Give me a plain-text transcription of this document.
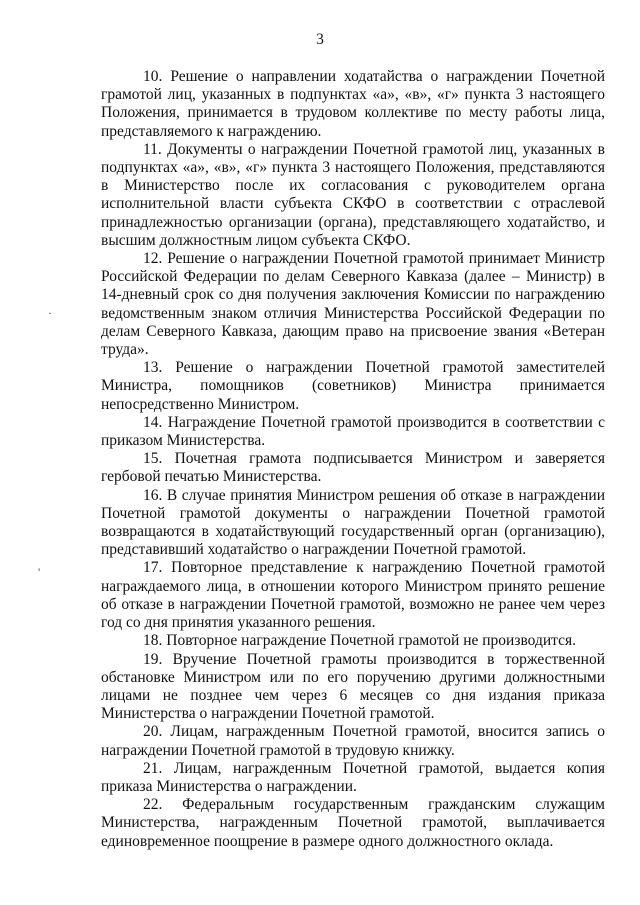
3

10. Решение о направлении ходатайства о награждении Почетной грамотой лиц, указанных в подпунктах «а», «в», «г» пункта 3 настоящего Положения, принимается в трудовом коллективе по месту работы лица, представляемого к награждению.

11. Документы о награждении Почетной грамотой лиц, указанных в подпунктах «а», «в», «г» пункта 3 настоящего Положения, представляются в Министерство после их согласования с руководителем органа исполнительной власти субъекта СКФО в соответствии с отраслевой принадлежностью организации (органа), представляющего ходатайство, и высшим должностным лицом субъекта СКФО.

12. Решение о награждении Почетной грамотой принимает Министр Российской Федерации по делам Северного Кавказа (далее – Министр) в 14-дневный срок со дня получения заключения Комиссии по награждению ведомственным знаком отличия Министерства Российской Федерации по делам Северного Кавказа, дающим право на присвоение звания «Ветеран труда».

13. Решение о награждении Почетной грамотой заместителей Министра, помощников (советников) Министра принимается непосредственно Министром.

14. Награждение Почетной грамотой производится в соответствии с приказом Министерства.

15. Почетная грамота подписывается Министром и заверяется гербовой печатью Министерства.

16. В случае принятия Министром решения об отказе в награждении Почетной грамотой документы о награждении Почетной грамотой возвращаются в ходатайствующий государственный орган (организацию), представивший ходатайство о награждении Почетной грамотой.

17. Повторное представление к награждению Почетной грамотой награждаемого лица, в отношении которого Министром принято решение об отказе в награждении Почетной грамотой, возможно не ранее чем через год со дня принятия указанного решения.

18. Повторное награждение Почетной грамотой не производится.

19. Вручение Почетной грамоты производится в торжественной обстановке Министром или по его поручению другими должностными лицами не позднее чем через 6 месяцев со дня издания приказа Министерства о награждении Почетной грамотой.

20. Лицам, награжденным Почетной грамотой, вносится запись о награждении Почетной грамотой в трудовую книжку.

21. Лицам, награжденным Почетной грамотой, выдается копия приказа Министерства о награждении.

22. Федеральным государственным гражданским служащим Министерства, награжденным Почетной грамотой, выплачивается единовременное поощрение в размере одного должностного оклада.

·
'
